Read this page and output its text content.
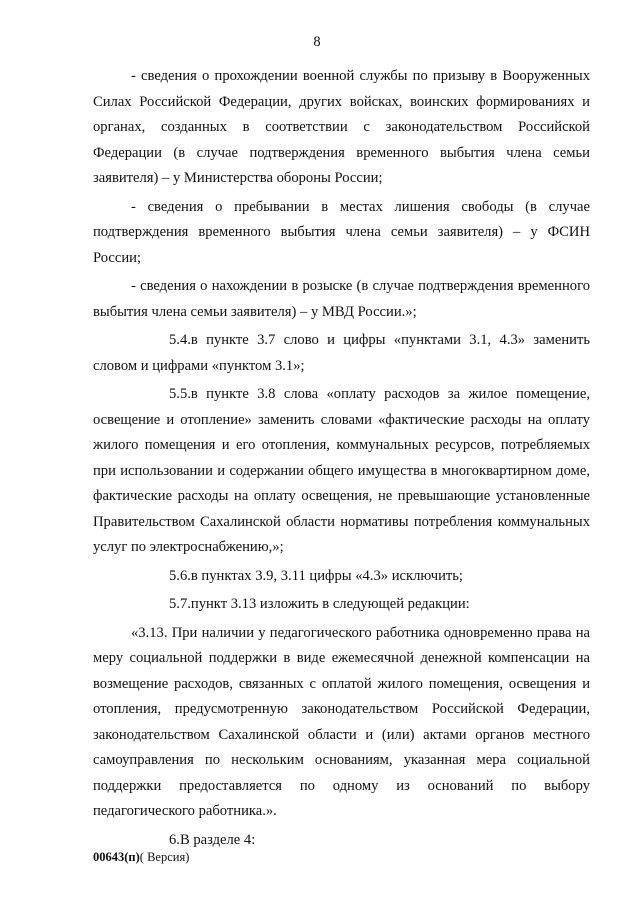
8

- сведения о прохождении военной службы по призыву в Вооруженных Силах Российской Федерации, других войсках, воинских формированиях и органах, созданных в соответствии с законодательством Российской Федерации (в случае подтверждения временного выбытия члена семьи заявителя) – у Министерства обороны России;

- сведения о пребывании в местах лишения свободы (в случае подтверждения временного выбытия члена семьи заявителя) – у ФСИН России;

- сведения о нахождении в розыске (в случае подтверждения временного выбытия члена семьи заявителя) – у МВД России.»;

5.4.в пункте 3.7 слово и цифры «пунктами 3.1, 4.3» заменить словом и цифрами «пунктом 3.1»;

5.5.в пункте 3.8 слова «оплату расходов за жилое помещение, освещение и отопление» заменить словами «фактические расходы на оплату жилого помещения и его отопления, коммунальных ресурсов, потребляемых при использовании и содержании общего имущества в многоквартирном доме, фактические расходы на оплату освещения, не превышающие установленные Правительством Сахалинской области нормативы потребления коммунальных услуг по электроснабжению,»;

5.6.в пунктах 3.9, 3.11 цифры «4.3» исключить;

5.7.пункт 3.13 изложить в следующей редакции:

«3.13. При наличии у педагогического работника одновременно права на меру социальной поддержки в виде ежемесячной денежной компенсации на возмещение расходов, связанных с оплатой жилого помещения, освещения и отопления, предусмотренную законодательством Российской Федерации, законодательством Сахалинской области и (или) актами органов местного самоуправления по нескольким основаниям, указанная мера социальной поддержки предоставляется по одному из оснований по выбору педагогического работника.».

6.В разделе 4:

00643(п)( Версия)
